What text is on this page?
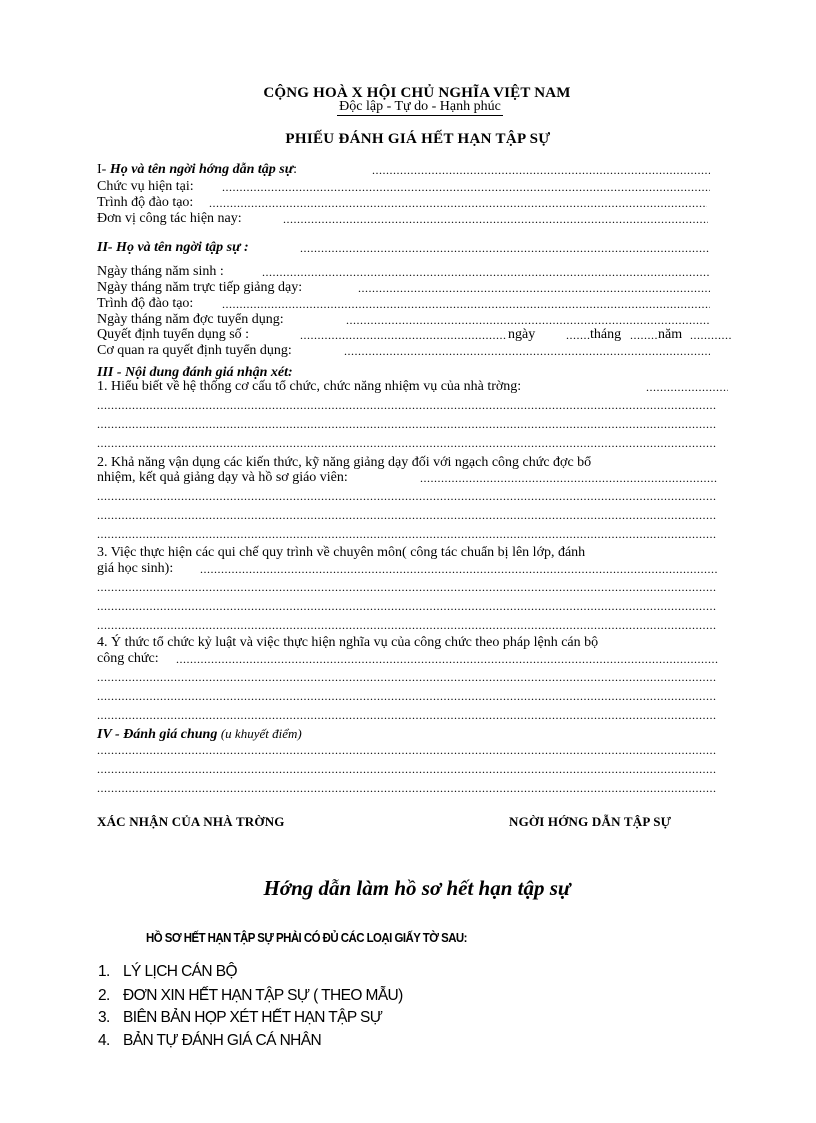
CỘNG HOÀ X HỘI CHỦ NGHĨA VIỆT NAM
Độc lập - Tự do - Hạnh phúc
PHIẾU ĐÁNH GIÁ HẾT HẠN TẬP SỰ
I- Họ và tên ngời hớng dẫn tập sự:
.....
Chức vụ hiện tại:
.....
Trình độ đào tạo:
.....
Đơn vị công tác hiện nay:
.....
II- Họ và tên ngời tập sự :
.....
Ngày tháng năm sinh :
.....
Ngày tháng năm trực tiếp giảng dạy:
.....
Trình độ đào tạo:
.....
Ngày tháng năm đợc tuyển dụng:
.....
Quyết định tuyển dụng số : .....	ngày .....	tháng .....	năm
.....
Cơ quan ra quyết định tuyển dụng:
.....
III - Nội dung đánh giá nhận xét:
1. Hiểu biết về hệ thống cơ cấu tổ chức, chức năng nhiệm vụ của nhà trờng:
.....
.....
.....
.....
2. Khả năng vận dụng các kiến thức, kỹ năng giảng dạy đối với ngạch công chức đợc bổ
nhiệm, kết quả giảng dạy và hồ sơ giáo viên:
.....
.....
.....
.....
3. Việc thực hiện các qui chế quy trình về chuyên môn( công tác chuẩn bị lên lớp, đánh
giá học sinh):
.....
.....
.....
.....
4. Ý thức tổ chức kỷ luật và việc thực hiện nghĩa vụ của công chức theo pháp lệnh cán bộ
công chức:
.....
.....
.....
.....
IV - Đánh giá chung (u khuyết điểm)
.....
.....
.....
XÁC NHẬN CỦA NHÀ TRỜNG	NGỜI HỚNG DẪN TẬP SỰ
Hớng dẫn làm hồ sơ hết hạn tập sự
HỒ SƠ HẾT HẠN TẬP SỰ PHẢI CÓ ĐỦ CÁC LOẠI GIẤY TỜ SAU:
1. LÝ LỊCH CÁN BỘ
2. ĐƠN XIN HẾT HẠN TẬP SỰ ( THEO MẪU)
3. BIÊN BẢN HỌP XÉT HẾT HẠN TẬP SỰ
4. BẢN TỰ ĐÁNH GIÁ CÁ NHÂN
